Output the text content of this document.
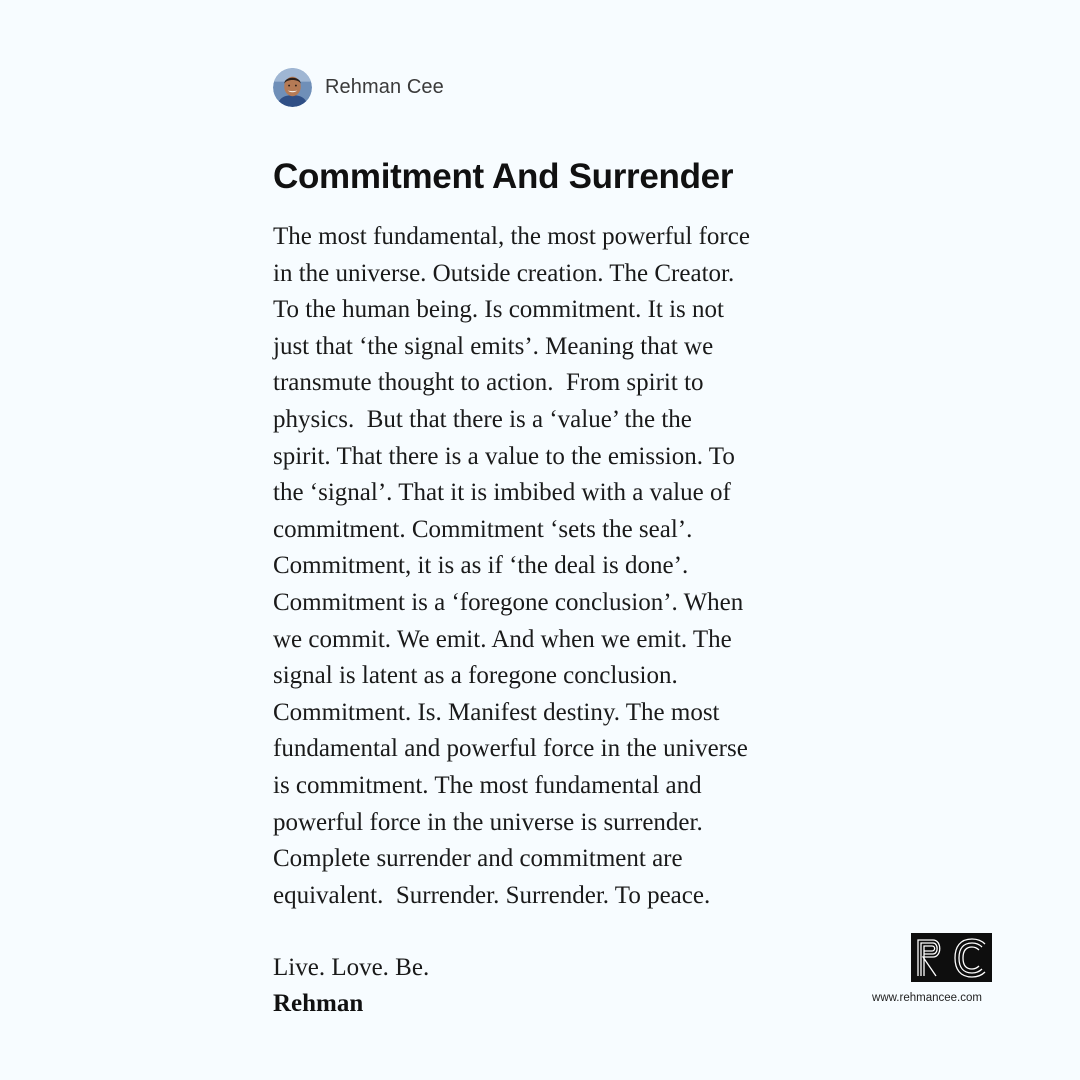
Rehman Cee
Commitment And Surrender
The most fundamental, the most powerful force
in the universe. Outside creation. The Creator.
To the human being. Is commitment. It is not
just that ‘the signal emits’. Meaning that we
transmute thought to action.  From spirit to
physics.  But that there is a ‘value’ the the
spirit. That there is a value to the emission. To
the ‘signal’. That it is imbibed with a value of
commitment. Commitment ‘sets the seal’.
Commitment, it is as if ‘the deal is done’.
Commitment is a ‘foregone conclusion’. When
we commit. We emit. And when we emit. The
signal is latent as a foregone conclusion.
Commitment. Is. Manifest destiny. The most
fundamental and powerful force in the universe
is commitment. The most fundamental and
powerful force in the universe is surrender.
Complete surrender and commitment are
equivalent.  Surrender. Surrender. To peace.
Live. Love. Be.
Rehman	www.rehmancee.com
